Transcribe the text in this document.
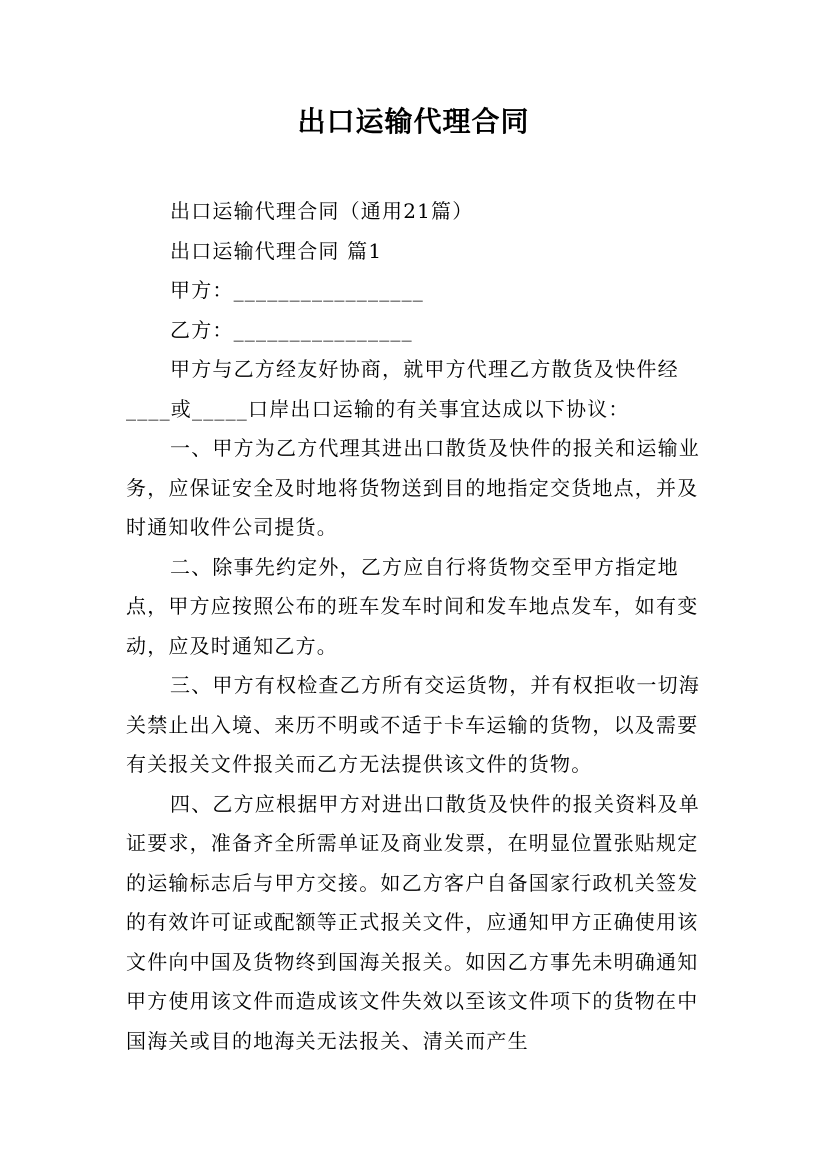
出口运输代理合同

出口运输代理合同（通用21篇）

出口运输代理合同 篇1

甲方：_________________

乙方：________________

甲方与乙方经友好协商，就甲方代理乙方散货及快件经____或_____口岸出口运输的有关事宜达成以下协议：

一、甲方为乙方代理其进出口散货及快件的报关和运输业务，应保证安全及时地将货物送到目的地指定交货地点，并及时通知收件公司提货。

二、除事先约定外，乙方应自行将货物交至甲方指定地点，甲方应按照公布的班车发车时间和发车地点发车，如有变动，应及时通知乙方。

三、甲方有权检查乙方所有交运货物，并有权拒收一切海关禁止出入境、来历不明或不适于卡车运输的货物，以及需要有关报关文件报关而乙方无法提供该文件的货物。

四、乙方应根据甲方对进出口散货及快件的报关资料及单证要求，准备齐全所需单证及商业发票，在明显位置张贴规定的运输标志后与甲方交接。如乙方客户自备国家行政机关签发的有效许可证或配额等正式报关文件，应通知甲方正确使用该文件向中国及货物终到国海关报关。如因乙方事先未明确通知甲方使用该文件而造成该文件失效以至该文件项下的货物在中国海关或目的地海关无法报关、清关而产生
